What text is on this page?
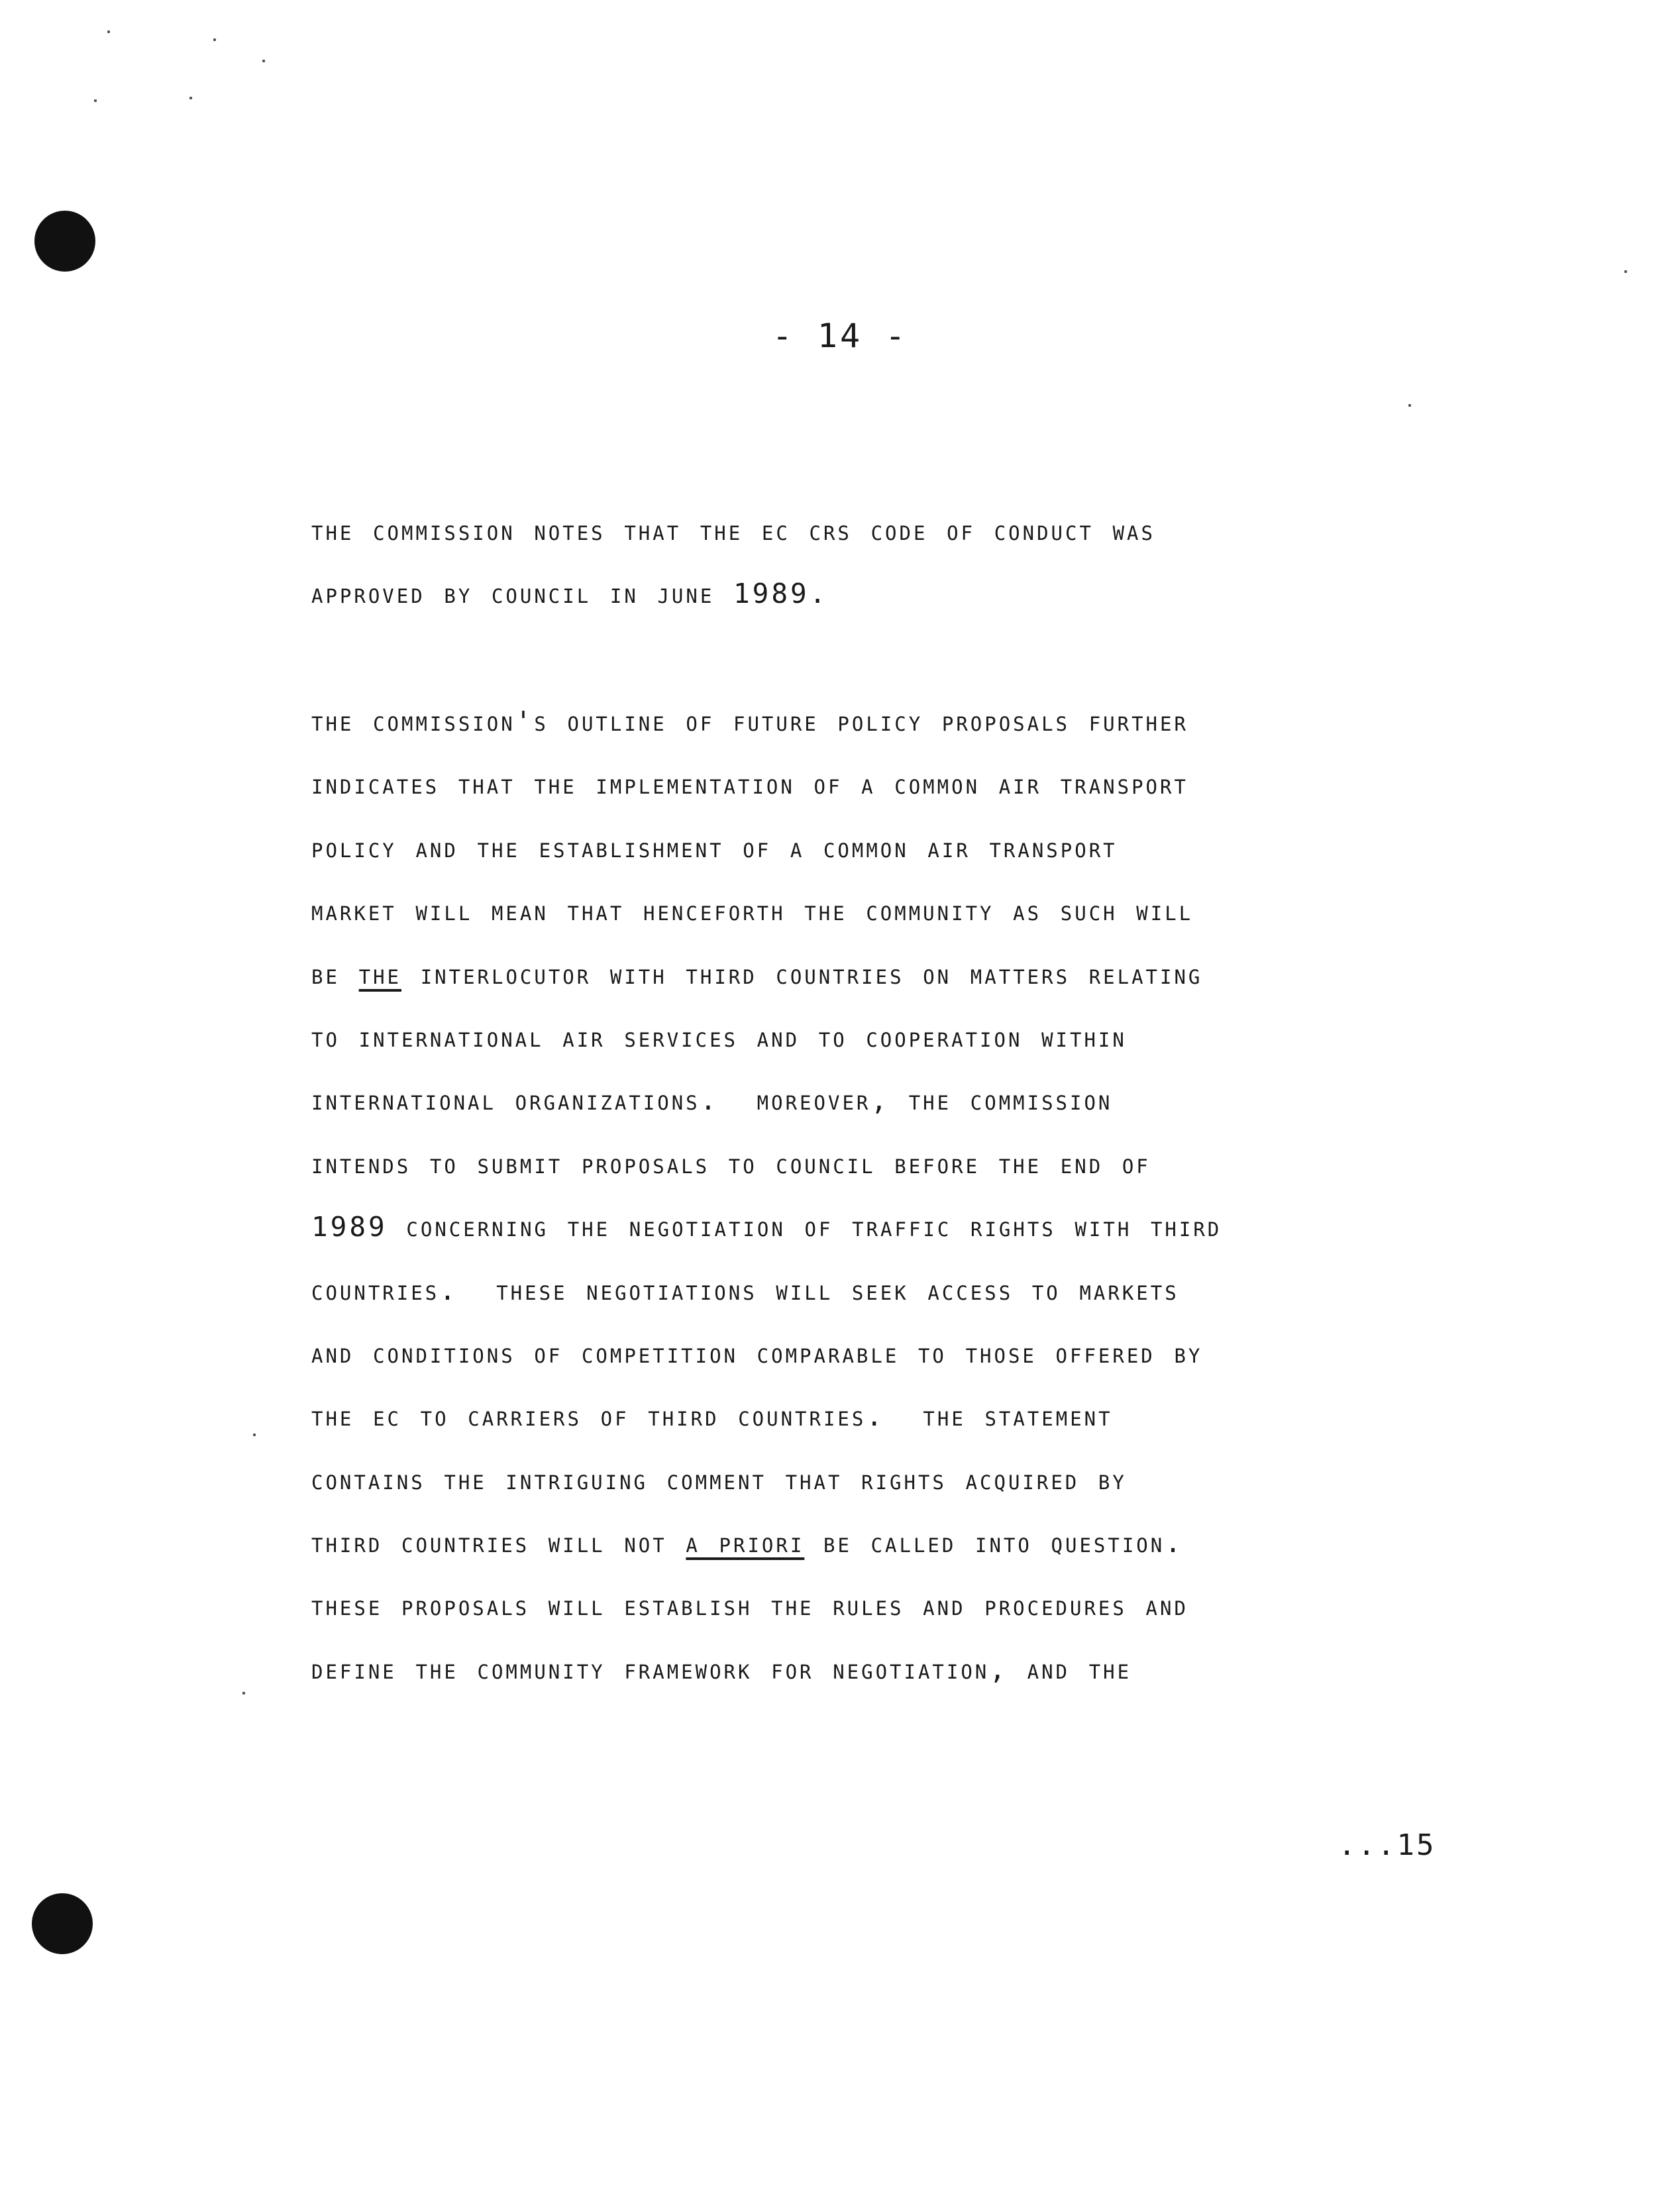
- 14 -
the commission notes that the ec crs code of conduct was
approved by council in june 1989.
the commission's outline of future policy proposals further
indicates that the implementation of a common air transport
policy and the establishment of a common air transport
market will mean that henceforth the community as such will
be the interlocutor with third countries on matters relating
to international air services and to cooperation within
international organizations.  moreover, the commission
intends to submit proposals to council before the end of
1989 concerning the negotiation of traffic rights with third
countries.  these negotiations will seek access to markets
and conditions of competition comparable to those offered by
the ec to carriers of third countries.  the statement
contains the intriguing comment that rights acquired by
third countries will not a priori be called into question.
these proposals will establish the rules and procedures and
define the community framework for negotiation, and the
...15
